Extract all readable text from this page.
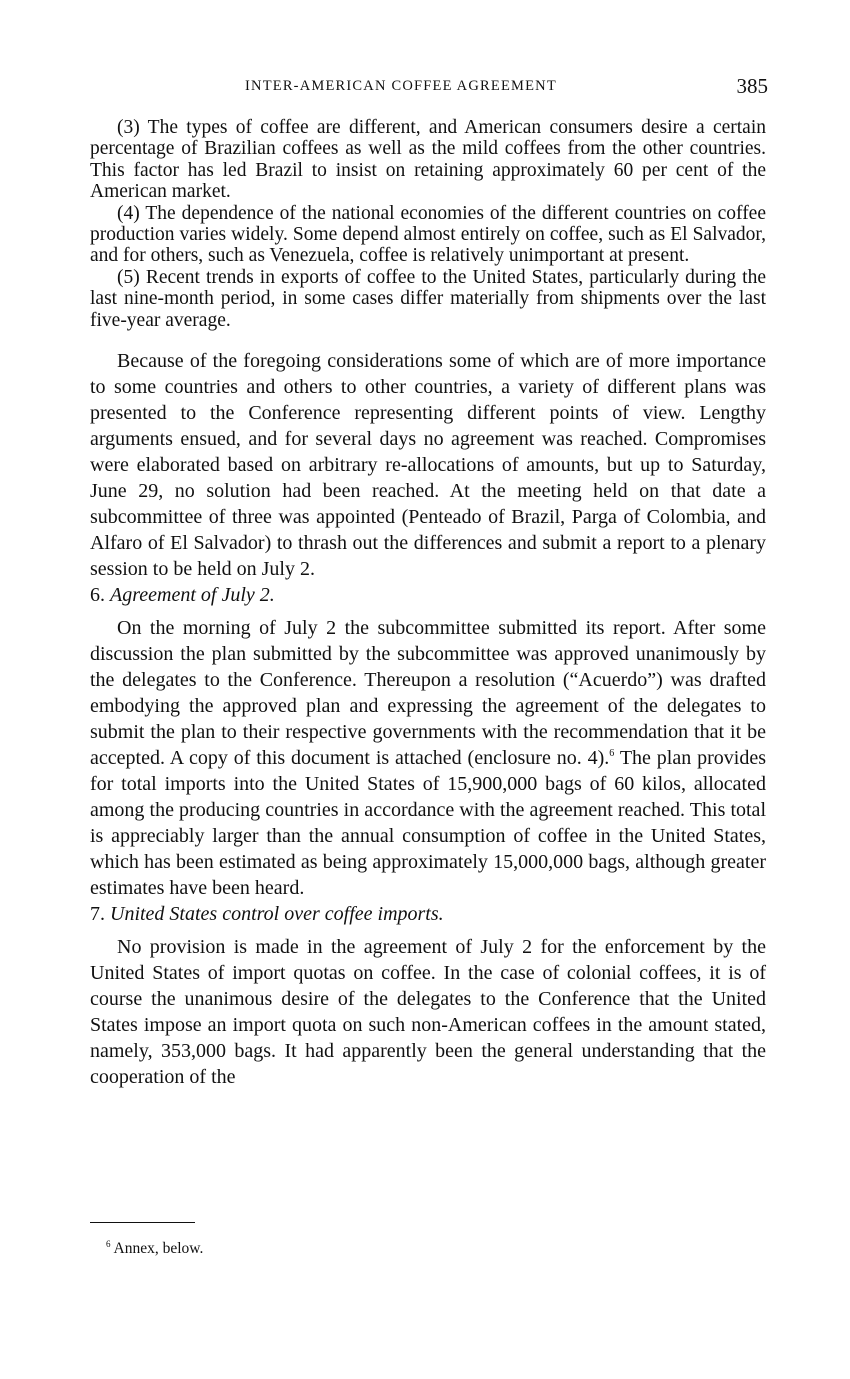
INTER-AMERICAN COFFEE AGREEMENT	385

(3) The types of coffee are different, and American consumers desire a certain percentage of Brazilian coffees as well as the mild coffees from the other countries. This factor has led Brazil to insist on retaining approximately 60 per cent of the American market.

(4) The dependence of the national economies of the different countries on coffee production varies widely. Some depend almost entirely on coffee, such as El Salvador, and for others, such as Venezuela, coffee is relatively unimportant at present.

(5) Recent trends in exports of coffee to the United States, particularly during the last nine-month period, in some cases differ materially from shipments over the last five-year average.

Because of the foregoing considerations some of which are of more importance to some countries and others to other countries, a variety of different plans was presented to the Conference representing different points of view. Lengthy arguments ensued, and for several days no agreement was reached. Compromises were elaborated based on arbitrary re-allocations of amounts, but up to Saturday, June 29, no solution had been reached. At the meeting held on that date a subcommittee of three was appointed (Penteado of Brazil, Parga of Colombia, and Alfaro of El Salvador) to thrash out the differences and submit a report to a plenary session to be held on July 2.

6. Agreement of July 2.

On the morning of July 2 the subcommittee submitted its report. After some discussion the plan submitted by the subcommittee was approved unanimously by the delegates to the Conference. Thereupon a resolution (“Acuerdo”) was drafted embodying the approved plan and expressing the agreement of the delegates to submit the plan to their respective governments with the recommendation that it be accepted. A copy of this document is attached (enclosure no. 4).$^6$ The plan provides for total imports into the United States of 15,900,000 bags of 60 kilos, allocated among the producing countries in accordance with the agreement reached. This total is appreciably larger than the annual consumption of coffee in the United States, which has been estimated as being approximately 15,000,000 bags, although greater estimates have been heard.

7. United States control over coffee imports.

No provision is made in the agreement of July 2 for the enforcement by the United States of import quotas on coffee. In the case of colonial coffees, it is of course the unanimous desire of the delegates to the Conference that the United States impose an import quota on such non-American coffees in the amount stated, namely, 353,000 bags. It had apparently been the general understanding that the cooperation of the

$^6$ Annex, below.
